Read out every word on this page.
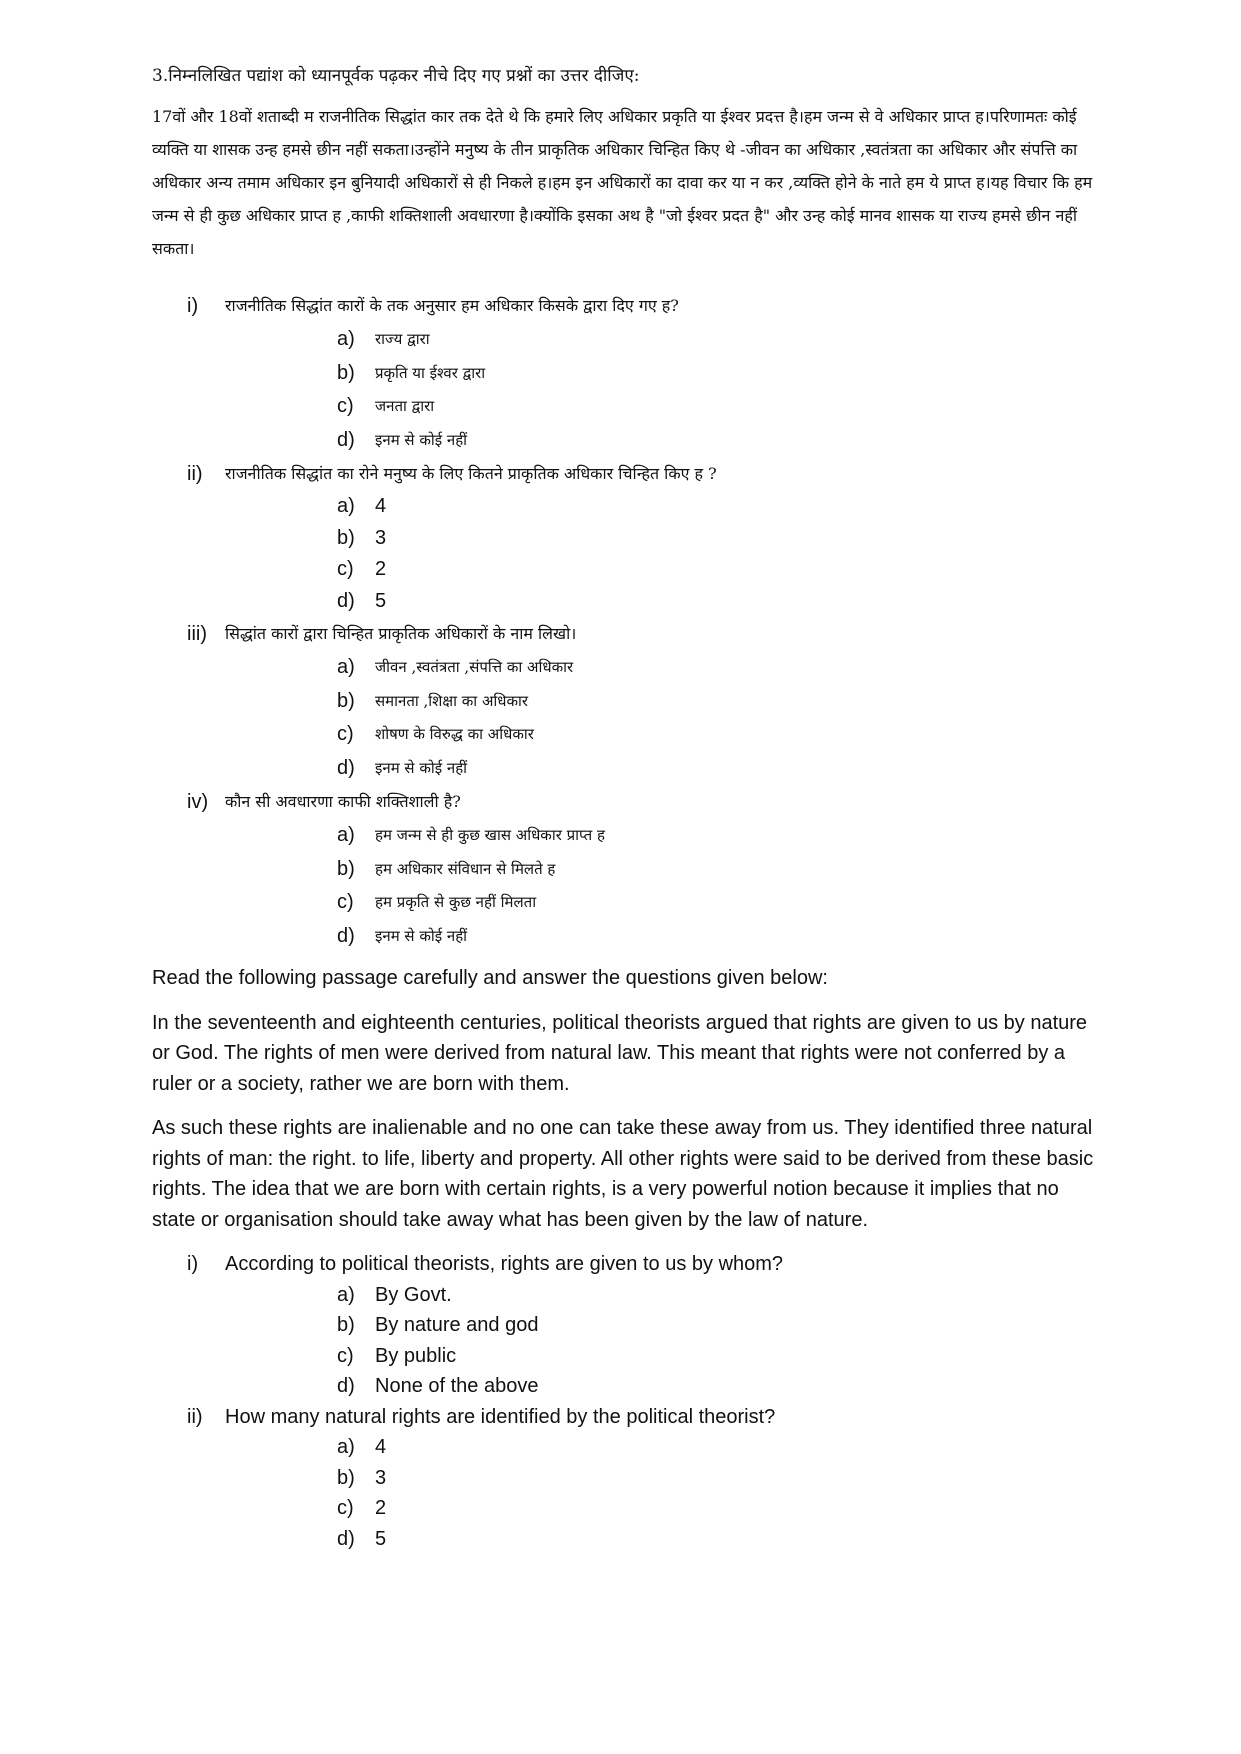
3.निम्नलिखित पद्यांश को ध्यानपूर्वक पढ़कर नीचे दिए गए प्रश्नों का उत्तर दीजिए:

17वों और 18वों शताब्दी म राजनीतिक सिद्धांत कार तक देते थे कि हमारे लिए अधिकार प्रकृति या ईश्वर प्रदत्त है।हम जन्म से वे अधिकार प्राप्त ह।परिणामतः कोई व्यक्ति या शासक उन्ह हमसे छीन नहीं सकता।उन्होंने मनुष्य के तीन प्राकृतिक अधिकार चिन्हित किए थे -जीवन का अधिकार ,स्वतंत्रता का अधिकार और संपत्ति का अधिकार अन्य तमाम अधिकार इन बुनियादी अधिकारों से ही निकले ह।हम इन अधिकारों का दावा कर या न कर ,व्यक्ति होने के नाते हम ये प्राप्त ह।यह विचार कि हम जन्म से ही कुछ अधिकार प्राप्त ह ,काफी शक्तिशाली अवधारणा है।क्योंकि इसका अथ है "जो ईश्वर प्रदत है" और उन्ह कोई मानव शासक या राज्य हमसे छीन नहीं सकता।

i) राजनीतिक सिद्धांत कारों के तक अनुसार हम अधिकार किसके द्वारा दिए गए ह?
a) राज्य द्वारा
b) प्रकृति या ईश्वर द्वारा
c) जनता द्वारा
d) इनम से कोई नहीं
ii) राजनीतिक सिद्धांत का रोने मनुष्य के लिए कितने प्राकृतिक अधिकार चिन्हित किए ह ?
a) 4
b) 3
c) 2
d) 5
iii) सिद्धांत कारों द्वारा चिन्हित प्राकृतिक अधिकारों के नाम लिखो।
a) जीवन ,स्वतंत्रता ,संपत्ति का अधिकार
b) समानता ,शिक्षा का अधिकार
c) शोषण के विरुद्ध का अधिकार
d) इनम से कोई नहीं
iv) कौन सी अवधारणा काफी शक्तिशाली है?
a) हम जन्म से ही कुछ खास अधिकार प्राप्त ह
b) हम अधिकार संविधान से मिलते ह
c) हम प्रकृति से कुछ नहीं मिलता
d) इनम से कोई नहीं

Read the following passage carefully and answer the questions given below:

In the seventeenth and eighteenth centuries, political theorists argued that rights are given to us by nature or God. The rights of men were derived from natural law. This meant that rights were not conferred by a ruler or a society, rather we are born with them.

As such these rights are inalienable and no one can take these away from us. They identified three natural rights of man: the right. to life, liberty and property. All other rights were said to be derived from these basic rights. The idea that we are born with certain rights, is a very powerful notion because it implies that no state or organisation should take away what has been given by the law of nature.

i) According to political theorists, rights are given to us by whom?
a) By Govt.
b) By nature and god
c) By public
d) None of the above
ii) How many natural rights are identified by the political theorist?
a) 4
b) 3
c) 2
d) 5
